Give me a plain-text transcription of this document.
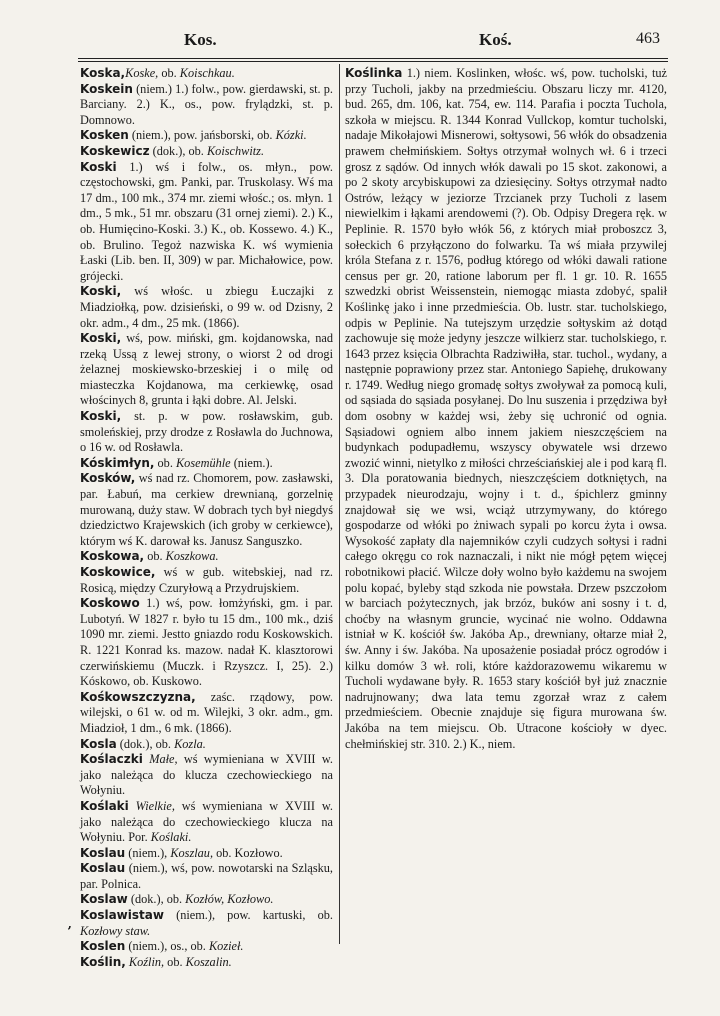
Kos.	Koś.	463

Koska,Koske, ob. Koischkau.

Koskein (niem.) 1.) folw., pow. gierdawski, st. p. Barciany. 2.) K., os., pow. frylądzki, st. p. Domnowo.

Kosken (niem.), pow. jańsborski, ob. Kózki.

Koskewicz (dok.), ob. Koischwitz.

Koski 1.) wś i folw., os. młyn., pow. częstochowski, gm. Panki, par. Truskolasy. Wś ma 17 dm., 100 mk., 374 mr. ziemi włośc.; os. młyn. 1 dm., 5 mk., 51 mr. obszaru (31 ornej ziemi). 2.) K., ob. Humięcino-Koski. 3.) K., ob. Kossewo. 4.) K., ob. Brulino. Tegoż nazwiska K. wś wymienia Łaski (Lib. ben. II, 309) w par. Michałowice, pow. grójecki.

Koski, wś włośc. u zbiegu Łuczajki z Miadziołką, pow. dzisieński, o 99 w. od Dzisny, 2 okr. adm., 4 dm., 25 mk. (1866).

Koski, wś, pow. miński, gm. kojdanowska, nad rzeką Ussą z lewej strony, o wiorst 2 od drogi żelaznej moskiewsko-brzeskiej i o milę od miasteczka Kojdanowa, ma cerkiewkę, osad włościnych 8, grunta i łąki dobre. Al. Jelski.

Koski, st. p. w pow. rosławskim, gub. smoleńskiej, przy drodze z Rosławla do Juchnowa, o 16 w. od Rosławla.

Kóskimłyn, ob. Kosemühle (niem.).

Kosków, wś nad rz. Chomorem, pow. zasławski, par. Łabuń, ma cerkiew drewnianą, gorzelnię murowaną, duży staw. W dobrach tych był niegdyś dziedzictwo Krajewskich (ich groby w cerkiewce), którym wś K. darował ks. Janusz Sanguszko.

Koskowa, ob. Koszkowa.

Koskowice, wś w gub. witebskiej, nad rz. Rosicą, między Czuryłową a Przydrujskiem.

Koskowo 1.) wś, pow. łomżyński, gm. i par. Lubotyń. W 1827 r. było tu 15 dm., 100 mk., dziś 1090 mr. ziemi. Jestto gniazdo rodu Koskowskich. R. 1221 Konrad ks. mazow. nadał K. klasztorowi czerwińskiemu (Muczk. i Rzyszcz. I, 25). 2.) Kóskowo, ob. Kuskowo.

Kośkowszczyzna, zaśc. rządowy, pow. wilejski, o 61 w. od m. Wilejki, 3 okr. adm., gm. Miadzioł, 1 dm., 6 mk. (1866).

Kosla (dok.), ob. Kozla.

Koślaczki Małe, wś wymieniana w XVIII w. jako należąca do klucza czechowieckiego na Wołyniu.

Koślaki Wielkie, wś wymieniana w XVIII w. jako należąca do czechowieckiego klucza na Wołyniu. Por. Koślaki.

Koslau (niem.), Koszlau, ob. Kozłowo.

Koslau (niem.), wś, pow. nowotarski na Szląsku, par. Polnica.

Koslaw (dok.), ob. Kozłów, Kozłowo.

Koslawistaw (niem.), pow. kartuski, ob. Kozłowy staw.

Koslen (niem.), os., ob. Kozieł.

Koślin, Koźlin, ob. Koszalin.

Koślinka 1.) niem. Koslinken, włośc. wś, pow. tucholski, tuż przy Tucholi, jakby na przedmieściu. Obszaru liczy mr. 4120, bud. 265, dm. 106, kat. 754, ew. 114. Parafia i poczta Tuchola, szkoła w miejscu. R. 1344 Konrad Vullckop, komtur tucholski, nadaje Mikołajowi Misnerowi, sołtysowi, 56 włók do obsadzenia prawem chełmińskiem. Sołtys otrzymał wolnych wł. 6 i trzeci grosz z sądów. Od innych włók dawali po 15 skot. zakonowi, a po 2 skoty arcybiskupowi za dziesięciny. Sołtys otrzymał nadto Ostrów, leżący w jeziorze Trzcianek przy Tucholi z lasem niewielkim i łąkami arendowemi (?). Ob. Odpisy Dregera ręk. w Peplinie. R. 1570 było włók 56, z których miał proboszcz 3, sołeckich 6 przyłączono do folwarku. Ta wś miała przywilej króla Stefana z r. 1576, podług którego od włóki dawali ratione census per gr. 20, ratione laborum per fl. 1 gr. 10. R. 1655 szwedzki obrist Weissenstein, niemogąc miasta zdobyć, spalił Koślinkę jako i inne przedmieścia. Ob. lustr. star. tucholskiego, odpis w Peplinie. Na tutejszym urzędzie sołtyskim aż dotąd zachowuje się może jedyny jeszcze wilkierz star. tucholskiego, r. 1643 przez księcia Olbrachta Radziwiłła, star. tuchol., wydany, a następnie poprawiony przez star. Antoniego Sapiehę, drukowany r. 1749. Według niego gromadę sołtys zwoływał za pomocą kuli, od sąsiada do sąsiada posyłanej. Do lnu suszenia i przędziwa był dom osobny w każdej wsi, żeby się uchronić od ognia. Sąsiadowi ogniem albo innem jakiem nieszczęściem na budynkach podupadłemu, wszyscy obywatele wsi drzewo zwozić winni, nietylko z miłości chrześciańskiej ale i pod karą fl. 3. Dla poratowania biednych, nieszczęściem dotkniętych, na przypadek nieurodzaju, wojny i t. d., śpichlerz gminny znajdował się we wsi, wciąż utrzymywany, do którego gospodarze od włóki po żniwach sypali po korcu żyta i owsa. Wysokość zapłaty dla najemników czyli cudzych sołtysi i radni całego okręgu co rok naznaczali, i nikt nie mógł pętem więcej robotnikowi płacić. Wilcze doły wolno było każdemu na swojem polu kopać, byleby stąd szkoda nie powstała. Drzew pszczołom w barciach pożytecznych, jak brzóz, buków ani sosny i t. d, choćby na własnym gruncie, wycinać nie wolno. Oddawna istniał w K. kościół św. Jakóba Ap., drewniany, ołtarze miał 2, św. Anny i św. Jakóba. Na uposażenie posiadał prócz ogrodów i kilku domów 3 wł. roli, które każdorazowemu wikaremu w Tucholi wydawane były. R. 1653 stary kościół był już znacznie nadrujnowany; dwa lata temu zgorzał wraz z całem przedmieściem. Obecnie znajduje się figura murowana św. Jakóba na tem miejscu. Ob. Utracone kościoły w dyec. chełmińskiej str. 310. 2.) K., niem.

ʼ
